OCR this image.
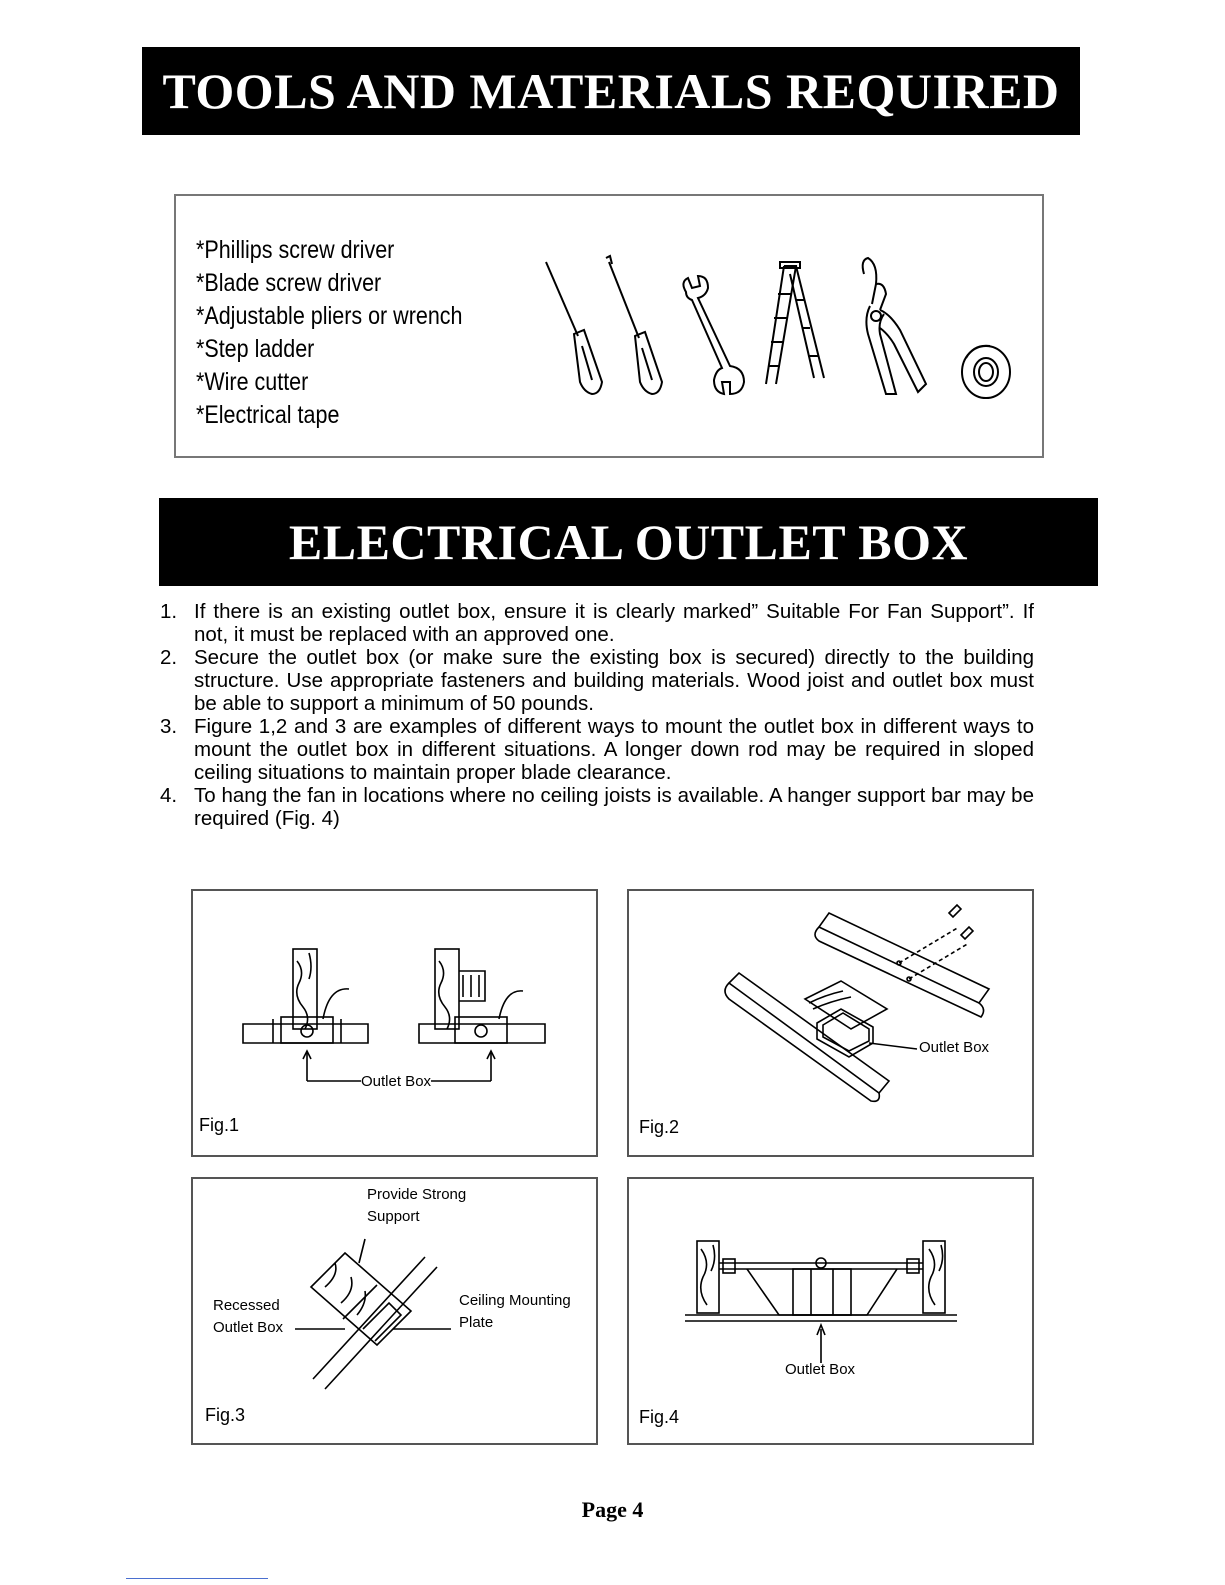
TOOLS AND MATERIALS REQUIRED
*Phillips screw driver
*Blade screw driver
*Adjustable pliers or wrench
*Step ladder
*Wire cutter
*Electrical tape
ELECTRICAL OUTLET BOX
1. If there is an existing outlet box, ensure it is clearly marked” Suitable For Fan Support”. If not, it must be replaced with an approved one.
2. Secure the outlet box (or make sure the existing box is secured) directly to the building structure. Use appropriate fasteners and building materials. Wood joist and outlet box must be able to support a minimum of 50 pounds.
3. Figure 1,2 and 3 are examples of different ways to mount the outlet box in different ways to mount the outlet box in different situations. A longer down rod may be required in sloped ceiling situations to maintain proper blade clearance.
4. To hang the fan in locations where no ceiling joists is available. A hanger support bar may be required (Fig. 4)
Outlet Box
Fig.1
Outlet Box
Fig.2
Provide Strong
Support
Recessed
Outlet Box
Ceiling Mounting
Plate
Fig.3
Outlet Box
Fig.4
Page 4
